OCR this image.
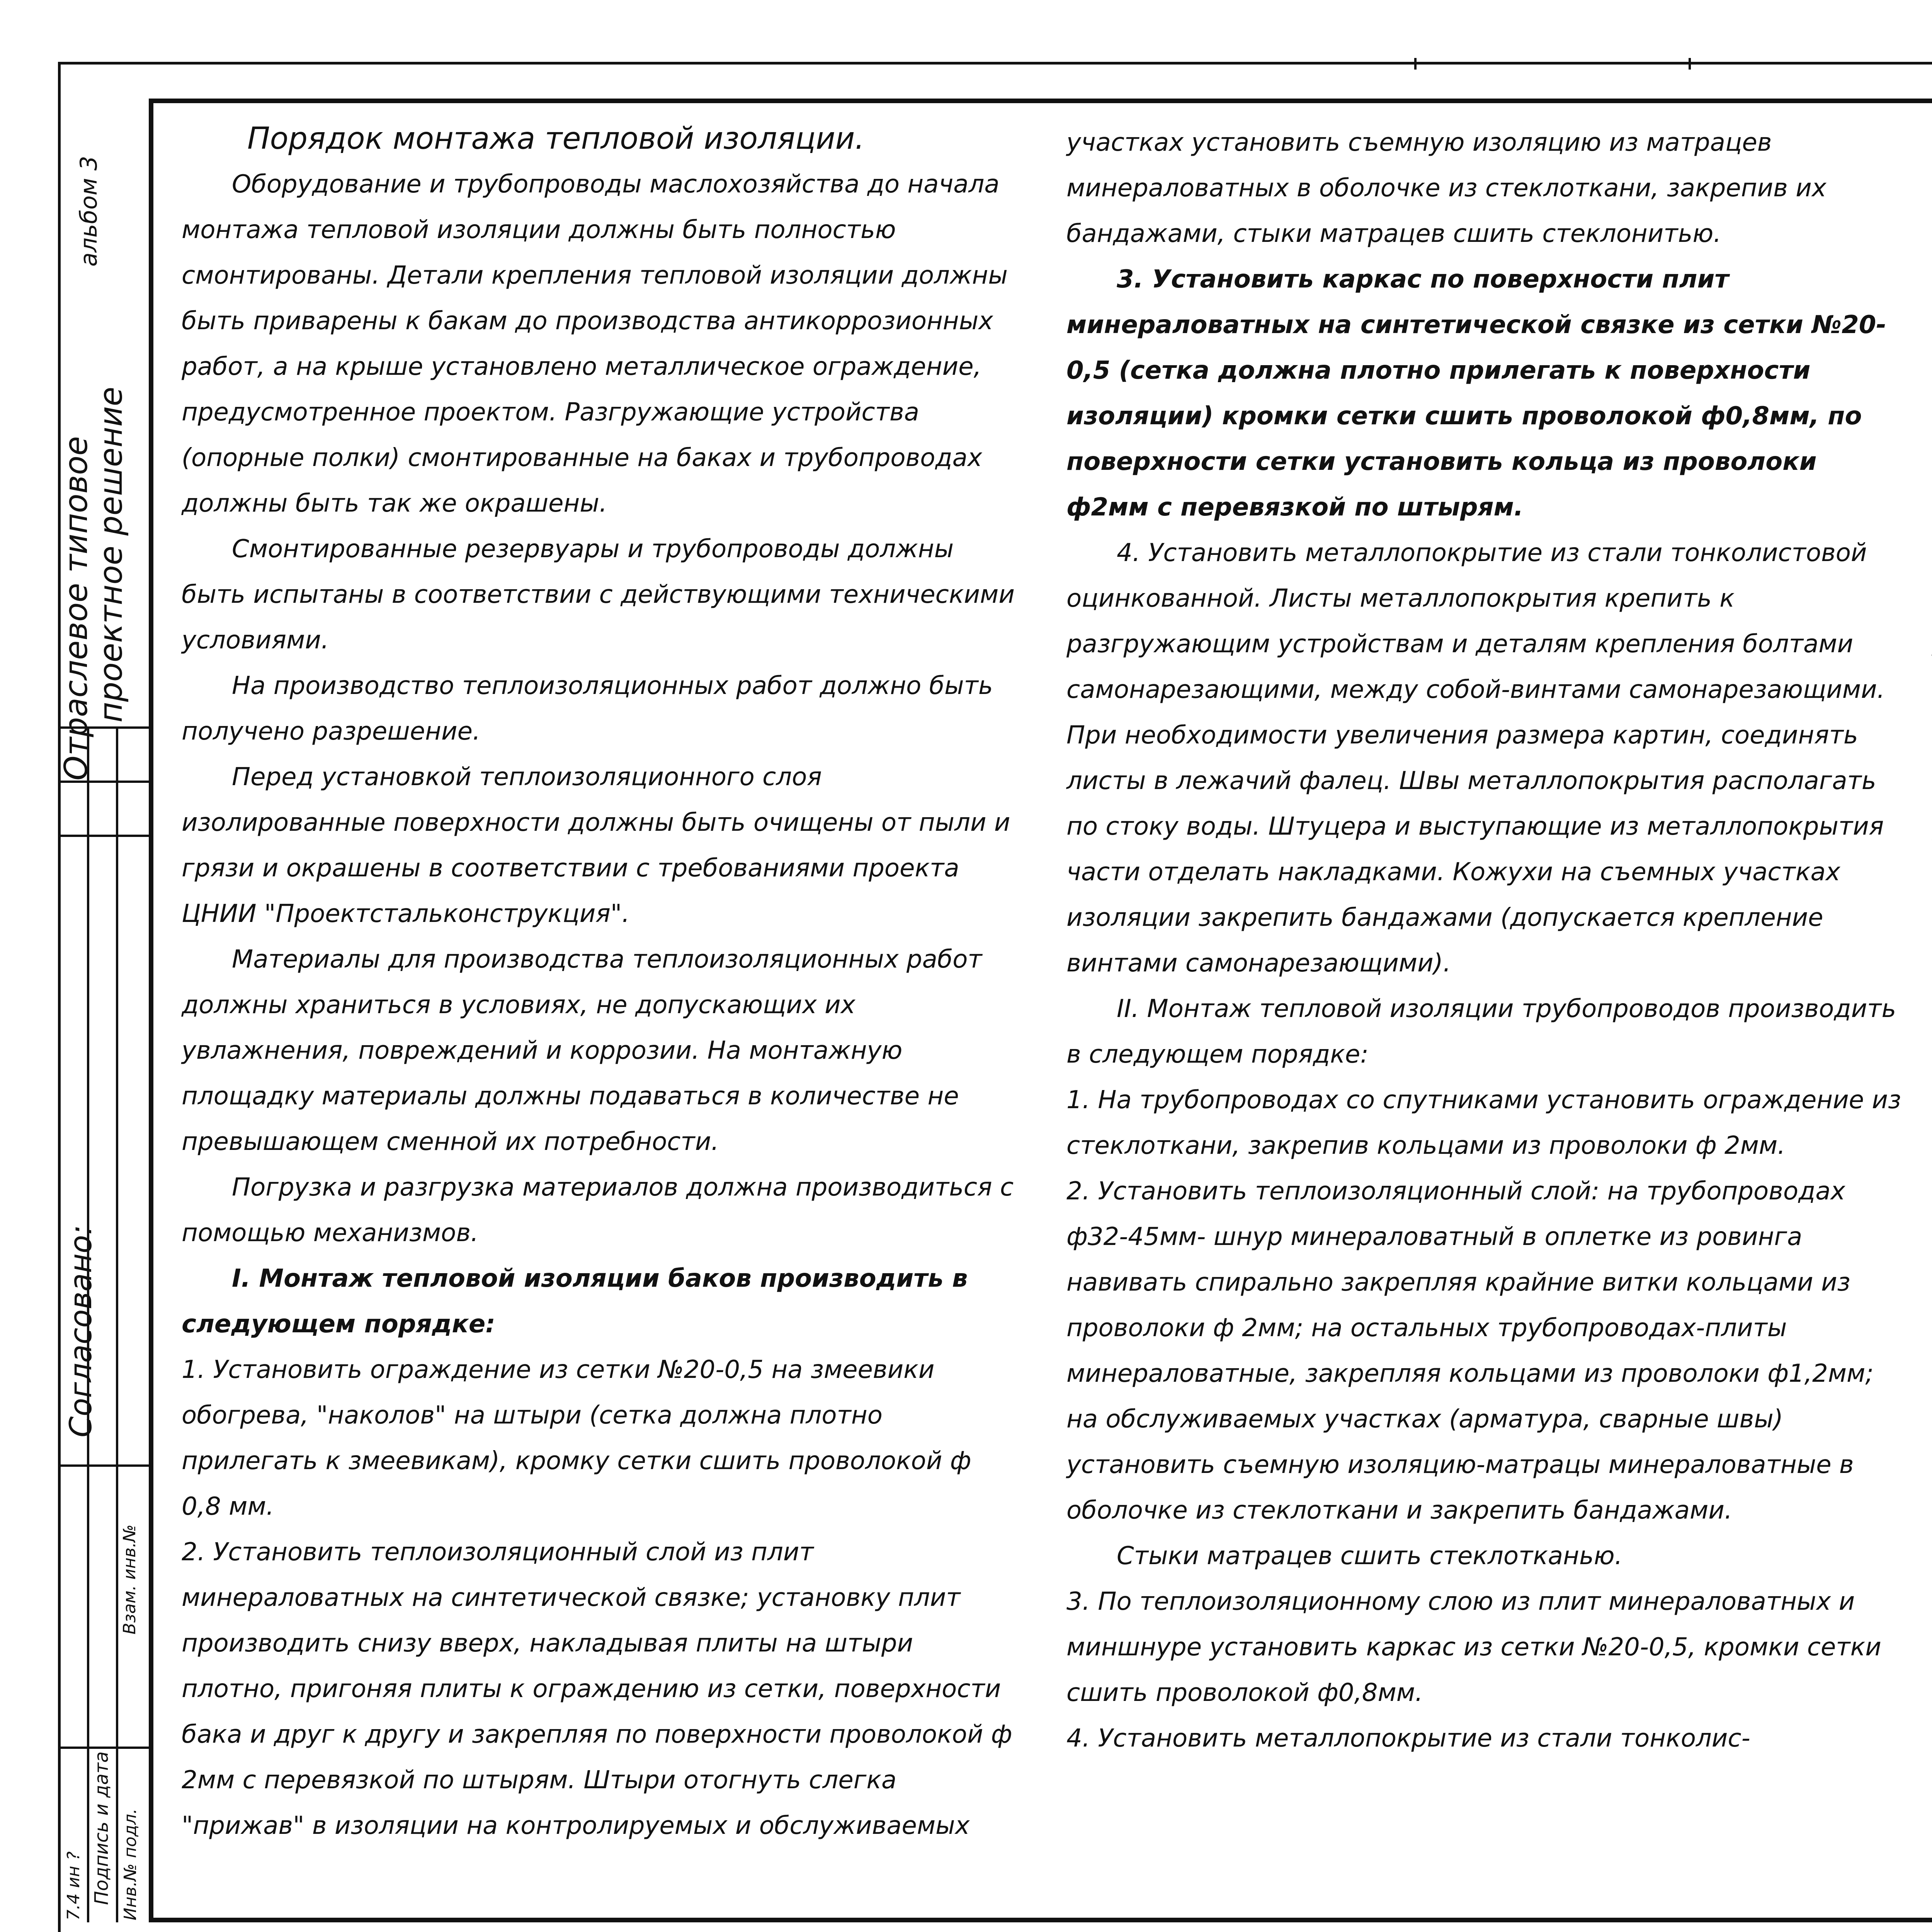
альбом 3
Отраслевое типовое
проектное решение
Согласовано:
Взам. инв.№
Подпись и дата Инв.№ подл.
7.4 ин ?

Порядок монтажа тепловой изоляции.

Оборудование и трубопроводы маслохозяйства до начала монтажа тепловой изоляции должны быть полностью смонтированы. Детали крепления тепловой изоляции должны быть приварены к бакам до производства антикоррозионных работ, а на крыше установлено металлическое ограждение, предусмотренное проектом. Разгружающие устройства (опорные полки) смонтированные на баках и трубопроводах должны быть так же окрашены.

Смонтированные резервуары и трубопроводы должны быть испытаны в соответствии с действующими техническими условиями.

На производство теплоизоляционных работ должно быть получено разрешение.

Перед установкой теплоизоляционного слоя изолированные поверхности должны быть очищены от пыли и грязи и окрашены в соответствии с требованиями проекта ЦНИИ "Проектстальконструкция".

Материалы для производства теплоизоляционных работ должны храниться в условиях, не допускающих их увлажнения, повреждений и коррозии. На монтажную площадку материалы должны подаваться в количестве не превышающем сменной их потребности.

Погрузка и разгрузка материалов должна производиться с помощью механизмов.

I. Монтаж тепловой изоляции баков производить в следующем порядке:

1. Установить ограждение из сетки №20-0,5 на змеевики обогрева, "наколов" на штыри (сетка должна плотно прилегать к змеевикам), кромку сетки сшить проволокой ф 0,8 мм.

2. Установить теплоизоляционный слой из плит минераловатных на синтетической связке; установку плит производить снизу вверх, накладывая плиты на штыри плотно, пригоняя плиты к ограждению из сетки, поверхности бака и друг к другу и закрепляя по поверхности проволокой ф 2мм с перевязкой по штырям. Штыри отогнуть слегка "прижав" в изоляции на контролируемых и обслуживаемых

участках установить съемную изоляцию из матрацев минераловатных в оболочке из стеклоткани, закрепив их бандажами, стыки матрацев сшить стеклонитью.

3. Установить каркас по поверхности плит минераловатных на синтетической связке из сетки №20-0,5 (сетка должна плотно прилегать к поверхности изоляции) кромки сетки сшить проволокой ф0,8мм, по поверхности сетки установить кольца из проволоки ф2мм с перевязкой по штырям.

4. Установить металлопокрытие из стали тонколистовой оцинкованной. Листы металлопокрытия крепить к разгружающим устройствам и деталям крепления болтами самонарезающими, между собой-винтами самонарезающими. При необходимости увеличения размера картин, соединять листы в лежачий фалец. Швы металлопокрытия располагать по стоку воды. Штуцера и выступающие из металлопокрытия части отделать накладками. Кожухи на съемных участках изоляции закрепить бандажами (допускается крепление винтами самонарезающими).

II. Монтаж тепловой изоляции трубопроводов производить в следующем порядке:

1. На трубопроводах со спутниками установить ограждение из стеклоткани, закрепив кольцами из проволоки ф 2мм.

2. Установить теплоизоляционный слой: на трубопроводах ф32-45мм- шнур минераловатный в оплетке из ровинга навивать спирально закрепляя крайние витки кольцами из проволоки ф 2мм; на остальных трубопроводах-плиты минераловатные, закрепляя кольцами из проволоки ф1,2мм; на обслуживаемых участках (арматура, сварные швы) установить съемную изоляцию-матрацы минераловатные в оболочке из стеклоткани и закрепить бандажами.

Стыки матрацев сшить стеклотканью.

3. По теплоизоляционному слою из плит минераловатных и миншнуре установить каркас из сетки №20-0,5, кромки сетки сшить проволокой ф0,8мм.

4. Установить металлопокрытие из стали тонколис-
